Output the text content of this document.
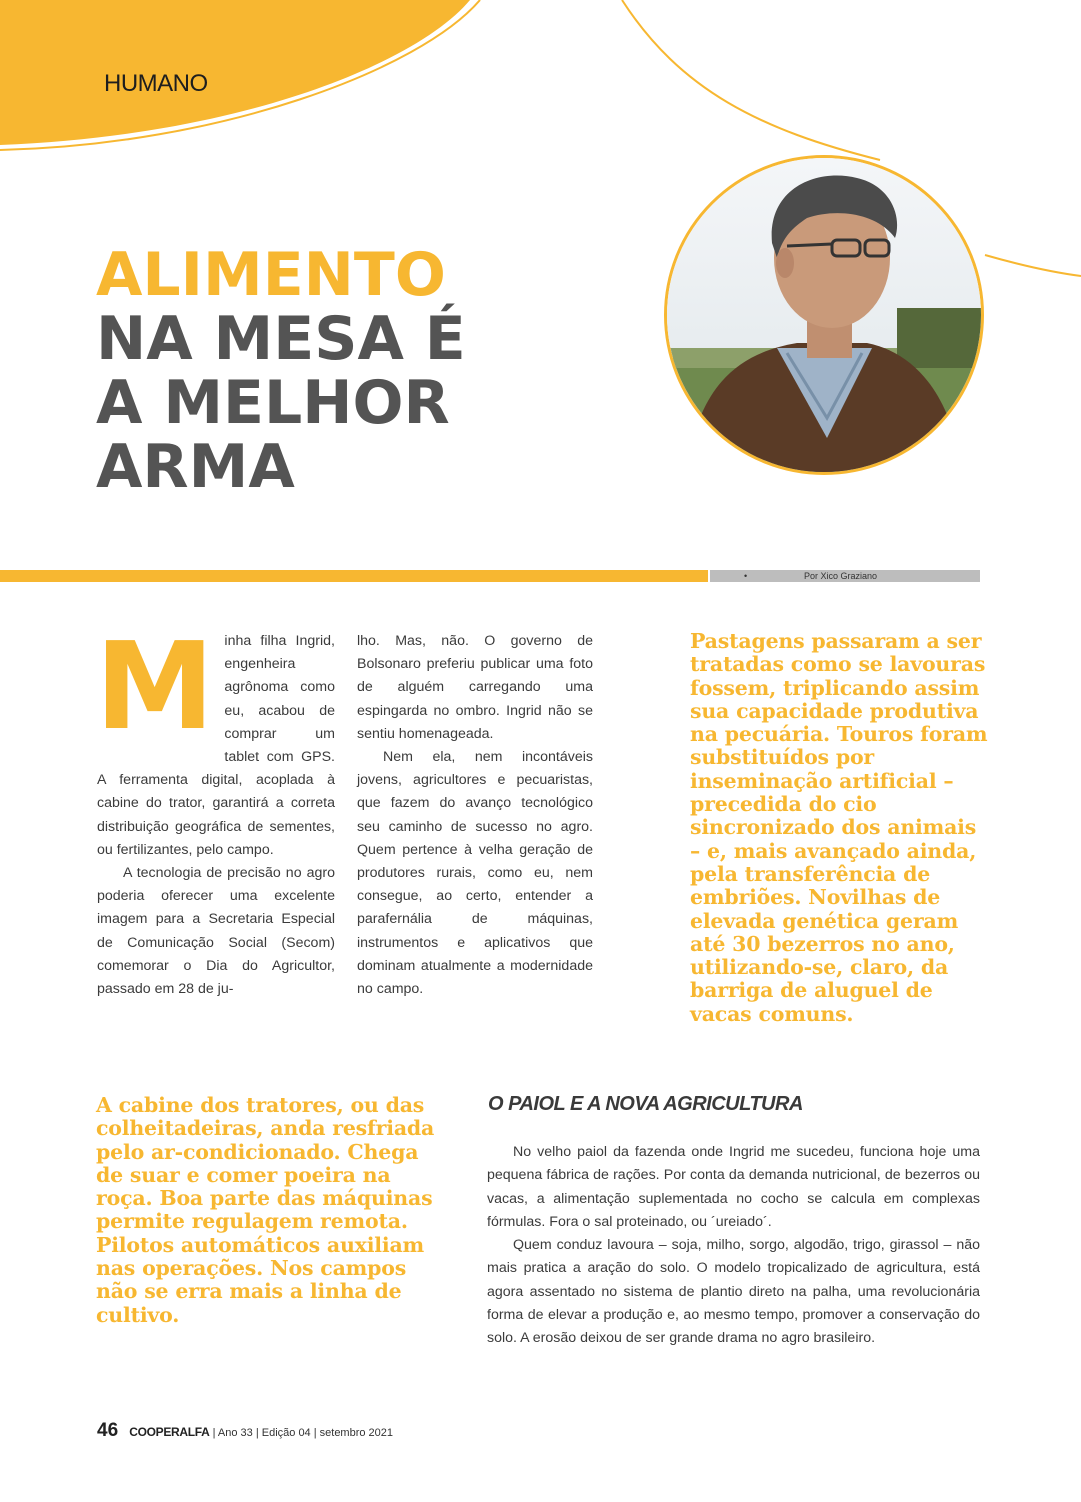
HUMANO
ALIMENTO
NA MESA É
A MELHOR
ARMA
•	Por Xico Graziano
M inha filha Ingrid, engenheira agrônoma como eu, acabou de comprar um tablet com GPS. A ferramenta digital, acoplada à cabine do trator, garantirá a correta distribuição geográfica de sementes, ou fertilizantes, pelo campo.

A tecnologia de precisão no agro poderia oferecer uma excelente imagem para a Secretaria Especial de Comunicação Social (Secom) comemorar o Dia do Agricultor, passado em 28 de ju-

lho. Mas, não. O governo de Bolsonaro preferiu publicar uma foto de alguém carregando uma espingarda no ombro. Ingrid não se sentiu homenageada.

Nem ela, nem incontáveis jovens, agricultores e pecuaristas, que fazem do avanço tecnológico seu caminho de sucesso no agro. Quem pertence à velha geração de produtores rurais, como eu, nem consegue, ao certo, entender a parafernália de máquinas, instrumentos e aplicativos que dominam atualmente a modernidade no campo.

Pastagens passaram a ser tratadas como se lavouras fossem, triplicando assim sua capacidade produtiva na pecuária. Touros foram substituídos por inseminação artificial – precedida do cio sincronizado dos animais – e, mais avançado ainda, pela transferência de embriões. Novilhas de elevada genética geram até 30 bezerros no ano, utilizando-se, claro, da barriga de aluguel de vacas comuns.

A cabine dos tratores, ou das colheitadeiras, anda resfriada pelo ar-condicionado. Chega de suar e comer poeira na roça. Boa parte das máquinas permite regulagem remota. Pilotos automáticos auxiliam nas operações. Nos campos não se erra mais a linha de cultivo.

O PAIOL E A NOVA AGRICULTURA

No velho paiol da fazenda onde Ingrid me sucedeu, funciona hoje uma pequena fábrica de rações. Por conta da demanda nutricional, de bezerros ou vacas, a alimentação suplementada no cocho se calcula em complexas fórmulas. Fora o sal proteinado, ou ´ureiado´.

Quem conduz lavoura – soja, milho, sorgo, algodão, trigo, girassol – não mais pratica a aração do solo. O modelo tropicalizado de agricultura, está agora assentado no sistema de plantio direto na palha, uma revolucionária forma de elevar a produção e, ao mesmo tempo, promover a conservação do solo. A erosão deixou de ser grande drama no agro brasileiro.

46 COOPERALFA | Ano 33 | Edição 04 | setembro 2021
